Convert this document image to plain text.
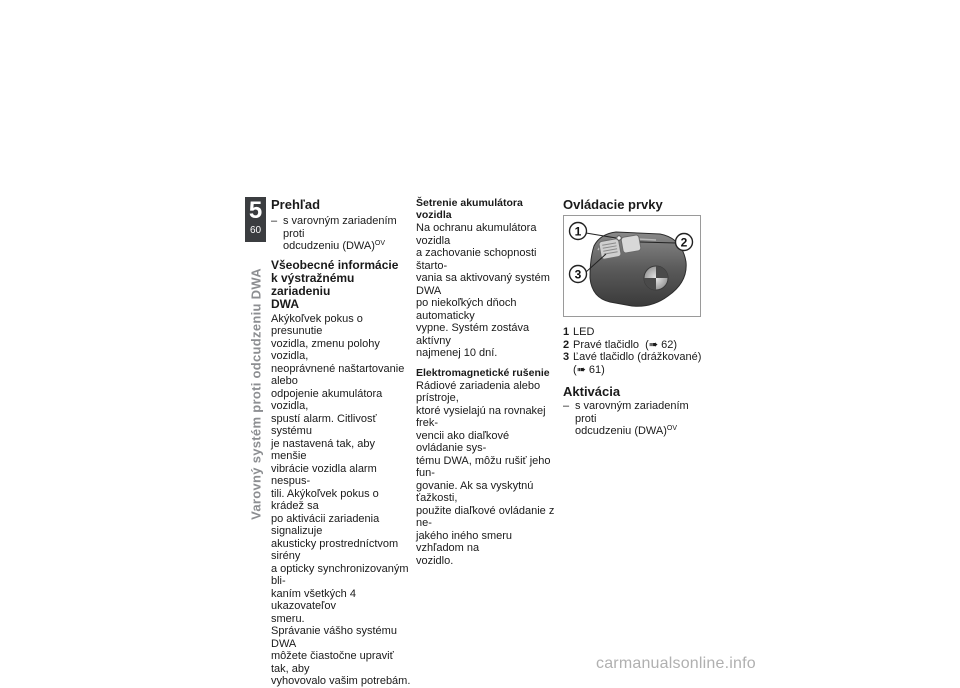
5
60
Varovný systém proti odcudzeniu DWA
Prehľad
– s varovným zariadením proti
odcudzeniu (DWA)$^{OV}$
Všeobecné informácie
k výstražnému zariadeniu
DWA
Akýkoľvek pokus o presunutie
vozidla, zmenu polohy vozidla,
neoprávnené naštartovanie alebo
odpojenie akumulátora vozidla,
spustí alarm. Citlivosť systému
je nastavená tak, aby menšie
vibrácie vozidla alarm nespus-
tili. Akýkoľvek pokus o krádež sa
po aktivácii zariadenia signalizuje
akusticky prostredníctvom sirény
a opticky synchronizovaným bli-
kaním všetkých 4 ukazovateľov
smeru.
Správanie vášho systému DWA
môžete čiastočne upraviť tak, aby
vyhovovalo vašim potrebám.
Šetrenie akumulátora vozidla
Na ochranu akumulátora vozidla
a zachovanie schopnosti štarto-
vania sa aktivovaný systém DWA
po niekoľkých dňoch automaticky
vypne. Systém zostáva aktívny
najmenej 10 dní.
Elektromagnetické rušenie
Rádiové zariadenia alebo prístroje,
ktoré vysielajú na rovnakej frek-
vencii ako diaľkové ovládanie sys-
tému DWA, môžu rušiť jeho fun-
govanie. Ak sa vyskytnú ťažkosti,
použite diaľkové ovládanie z ne-
jakého iného smeru vzhľadom na
vozidlo.
Ovládacie prvky
1
2
3
1 LED
2 Pravé tlačidlo (➠ 62)
3 Ľavé tlačidlo (drážkované)
(➠ 61)
Aktivácia
– s varovným zariadením proti
odcudzeniu (DWA)$^{OV}$
carmanualsonline.info
